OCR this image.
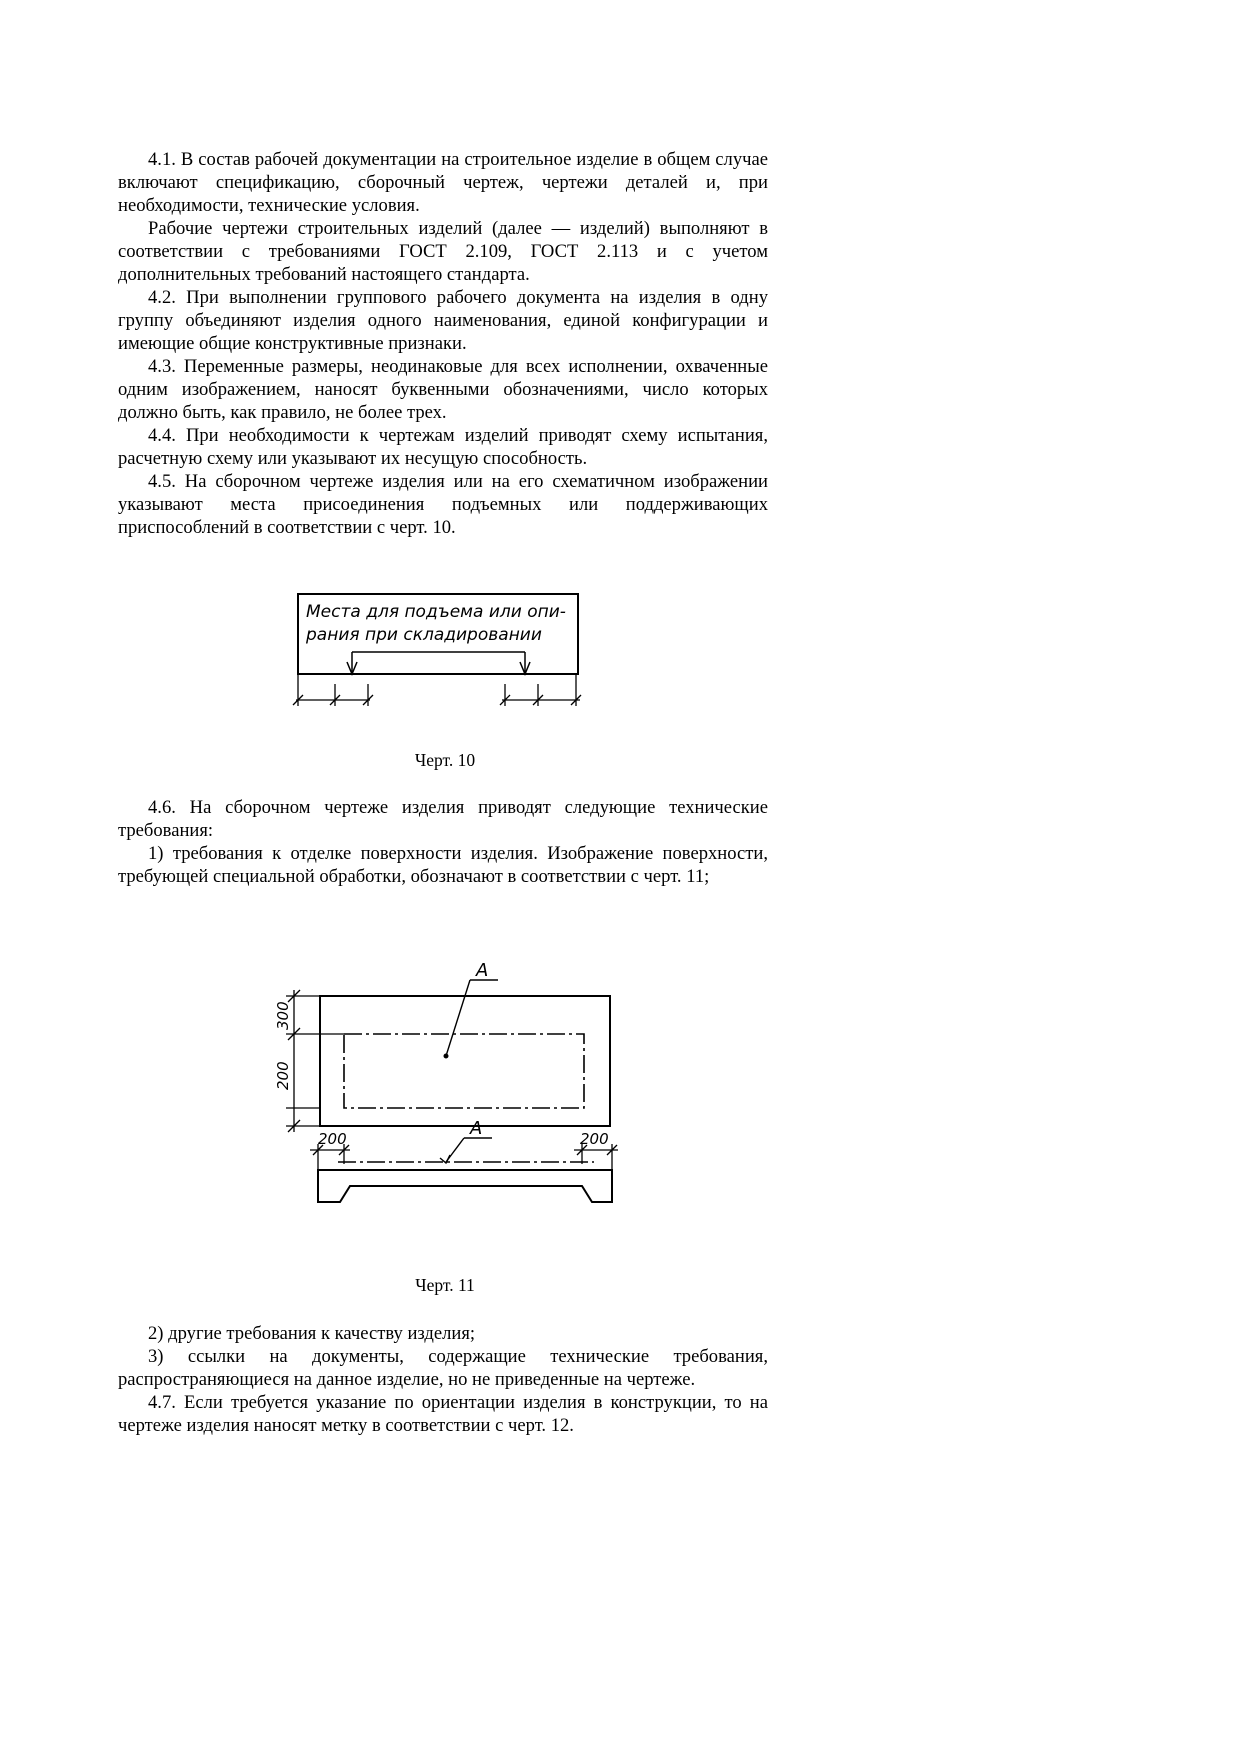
4.1. В состав рабочей документации на строительное изделие в общем случае включают спецификацию, сборочный чертеж, чертежи деталей и, при необходимости, технические условия.

Рабочие чертежи строительных изделий (далее — изделий) выполняют в соответствии с требованиями ГОСТ 2.109, ГОСТ 2.113 и с учетом дополнительных требований настоящего стандарта.

4.2. При выполнении группового рабочего документа на изделия в одну группу объединяют изделия одного наименования, единой конфигурации и имеющие общие конструктивные признаки.

4.3. Переменные размеры, неодинаковые для всех исполнении, охваченные одним изображением, наносят буквенными обозначениями, число которых должно быть, как правило, не более трех.

4.4. При необходимости к чертежам изделий приводят схему испытания, расчетную схему или указывают их несущую способность.

4.5. На сборочном чертеже изделия или на его схематичном изображении указывают места присоединения подъемных или поддерживающих приспособлений в соответствии с черт. 10.

Места для подъема или опи-
рания при складировании
Черт. 10

4.6. На сборочном чертеже изделия приводят следующие технические требования:

1) требования к отделке поверхности изделия. Изображение поверхности, требующей специальной обработки, обозначают в соответствии с черт. 11;

А
А
300
200
200	200
Черт. 11

2) другие требования к качеству изделия;

3) ссылки на документы, содержащие технические требования, распространяющиеся на данное изделие, но не приведенные на чертеже.

4.7. Если требуется указание по ориентации изделия в конструкции, то на чертеже изделия наносят метку в соответствии с черт. 12.
